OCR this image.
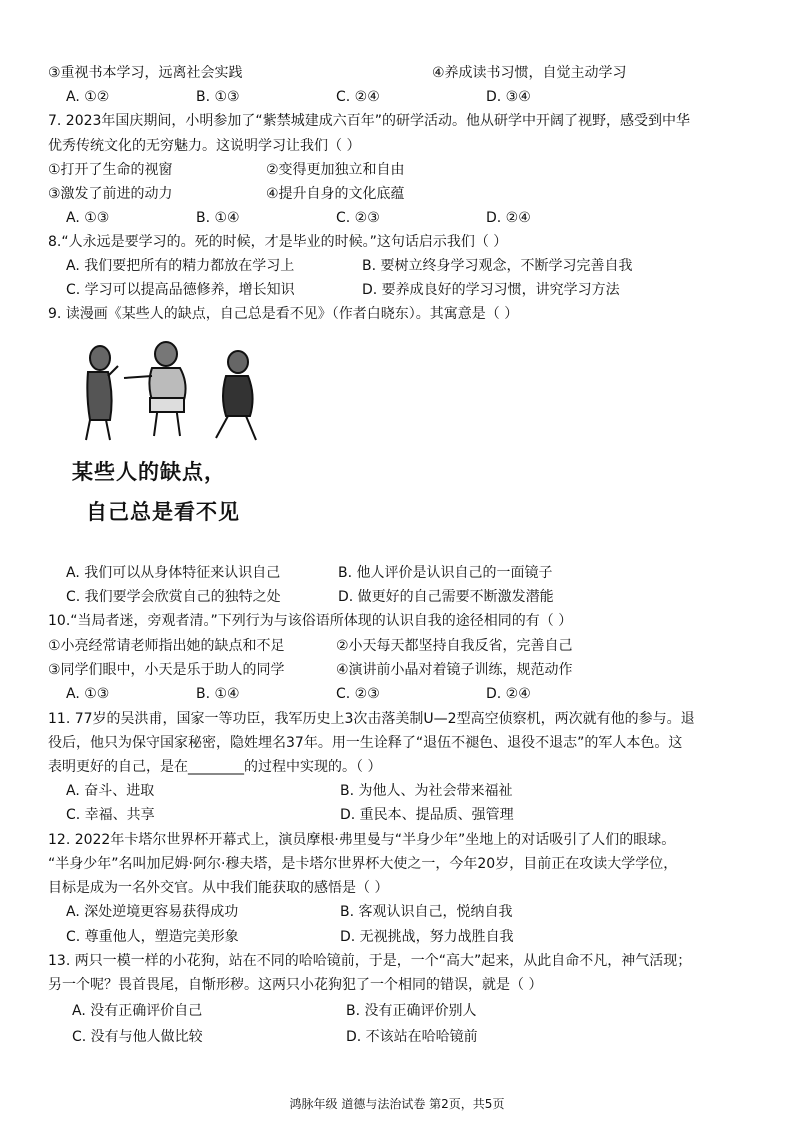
③重视书本学习，远离社会实践	④养成读书习惯，自觉主动学习
A. ①②	B. ①③	C. ②④	D. ③④
7. 2023年国庆期间，小明参加了“紫禁城建成六百年”的研学活动。他从研学中开阔了视野，感受到中华
优秀传统文化的无穷魅力。这说明学习让我们（ ）
①打开了生命的视窗	②变得更加独立和自由
③激发了前进的动力	④提升自身的文化底蕴
A. ①③	B. ①④	C. ②③	D. ②④
8.“人永远是要学习的。死的时候，才是毕业的时候。”这句话启示我们（ ）
A. 我们要把所有的精力都放在学习上	B. 要树立终身学习观念，不断学习完善自我
C. 学习可以提高品德修养，增长知识	D. 要养成良好的学习习惯，讲究学习方法
9. 读漫画《某些人的缺点，自己总是看不见》（作者白晓东）。其寓意是（ ）
某些人的缺点，
自己总是看不见
A. 我们可以从身体特征来认识自己	B. 他人评价是认识自己的一面镜子
C. 我们要学会欣赏自己的独特之处	D. 做更好的自己需要不断激发潜能
10.“当局者迷，旁观者清。”下列行为与该俗语所体现的认识自我的途径相同的有（ ）
①小亮经常请老师指出她的缺点和不足	②小天每天都坚持自我反省，完善自己
③同学们眼中，小天是乐于助人的同学	④演讲前小晶对着镜子训练，规范动作
A. ①③	B. ①④	C. ②③	D. ②④
11. 77岁的吴洪甫，国家一等功臣，我军历史上3次击落美制U—2型高空侦察机，两次就有他的参与。退
役后，他只为保守国家秘密，隐姓埋名37年。用一生诠释了“退伍不褪色、退役不退志”的军人本色。这
表明更好的自己，是在________的过程中实现的。（ ）
A. 奋斗、进取	B. 为他人、为社会带来福祉
C. 幸福、共享	D. 重民本、提品质、强管理
12. 2022年卡塔尔世界杯开幕式上，演员摩根·弗里曼与“半身少年”坐地上的对话吸引了人们的眼球。
“半身少年”名叫加尼姆·阿尔·穆夫塔，是卡塔尔世界杯大使之一，今年20岁，目前正在攻读大学学位，
目标是成为一名外交官。从中我们能获取的感悟是（ ）
A. 深处逆境更容易获得成功	B. 客观认识自己，悦纳自我
C. 尊重他人，塑造完美形象	D. 无视挑战，努力战胜自我
13. 两只一模一样的小花狗，站在不同的哈哈镜前，于是，一个“高大”起来，从此自命不凡，神气活现；
另一个呢？畏首畏尾，自惭形秽。这两只小花狗犯了一个相同的错误，就是（ ）
A. 没有正确评价自己	B. 没有正确评价别人
C. 没有与他人做比较	D. 不该站在哈哈镜前
鸿脉年级 道德与法治试卷 第2页，共5页
